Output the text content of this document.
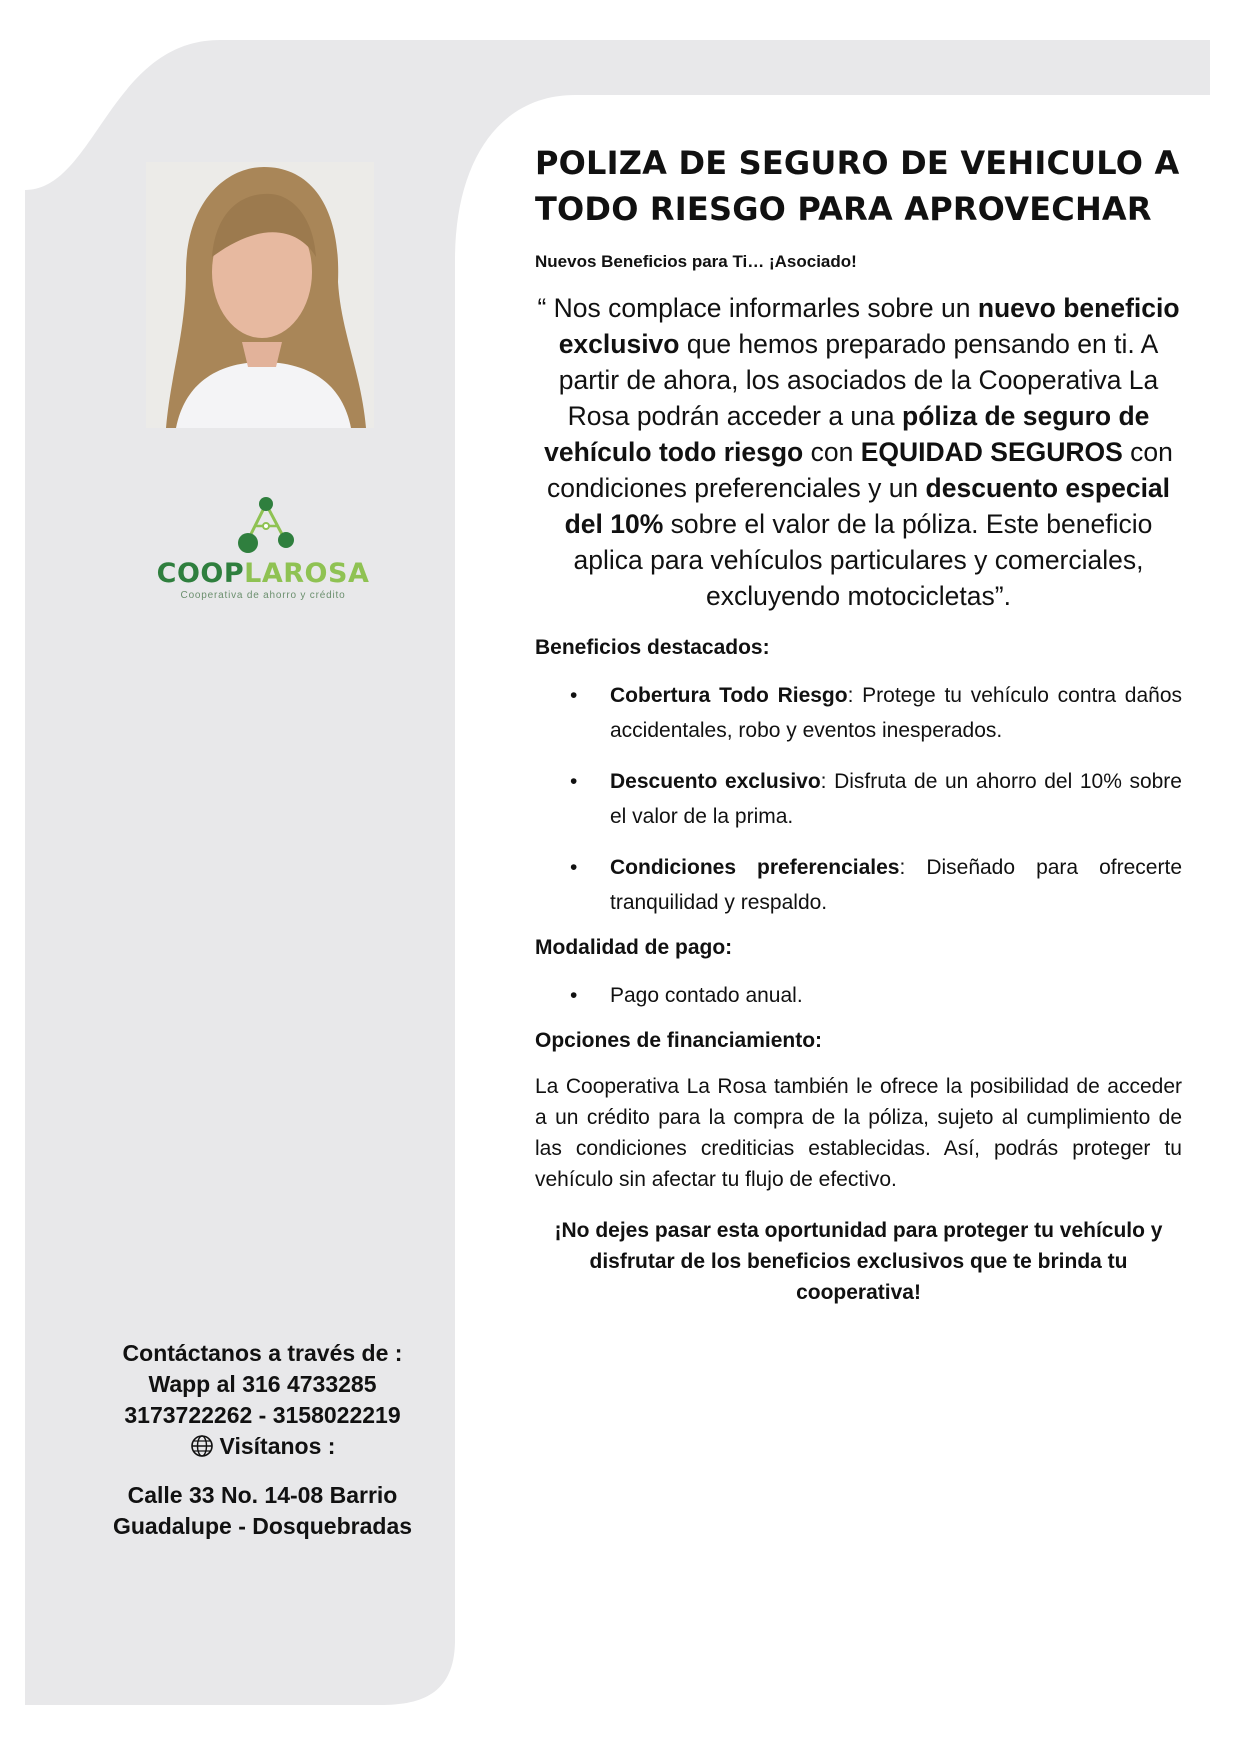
COOPLAROSA
Cooperativa de ahorro y crédito
Contáctanos a través de :
Wapp al 316 4733285
3173722262 - 3158022219
Visítanos :
Calle 33 No. 14-08 Barrio
Guadalupe - Dosquebradas
POLIZA DE SEGURO DE VEHICULO A TODO RIESGO PARA APROVECHAR
Nuevos Beneficios para Ti… ¡Asociado!
“ Nos complace informarles sobre un nuevo beneficio exclusivo que hemos preparado pensando en ti. A partir de ahora, los asociados de la Cooperativa La Rosa podrán acceder a una póliza de seguro de vehículo todo riesgo con EQUIDAD SEGUROS con condiciones preferenciales y un descuento especial del 10% sobre el valor de la póliza. Este beneficio aplica para vehículos particulares y comerciales, excluyendo motocicletas”.
Beneficios destacados:
• Cobertura Todo Riesgo: Protege tu vehículo contra daños accidentales, robo y eventos inesperados.
• Descuento exclusivo: Disfruta de un ahorro del 10% sobre el valor de la prima.
• Condiciones preferenciales: Diseñado para ofrecerte tranquilidad y respaldo.
Modalidad de pago:
• Pago contado anual.
Opciones de financiamiento:
La Cooperativa La Rosa también le ofrece la posibilidad de acceder a un crédito para la compra de la póliza, sujeto al cumplimiento de las condiciones crediticias establecidas. Así, podrás proteger tu vehículo sin afectar tu flujo de efectivo.
¡No dejes pasar esta oportunidad para proteger tu vehículo y disfrutar de los beneficios exclusivos que te brinda tu cooperativa!
